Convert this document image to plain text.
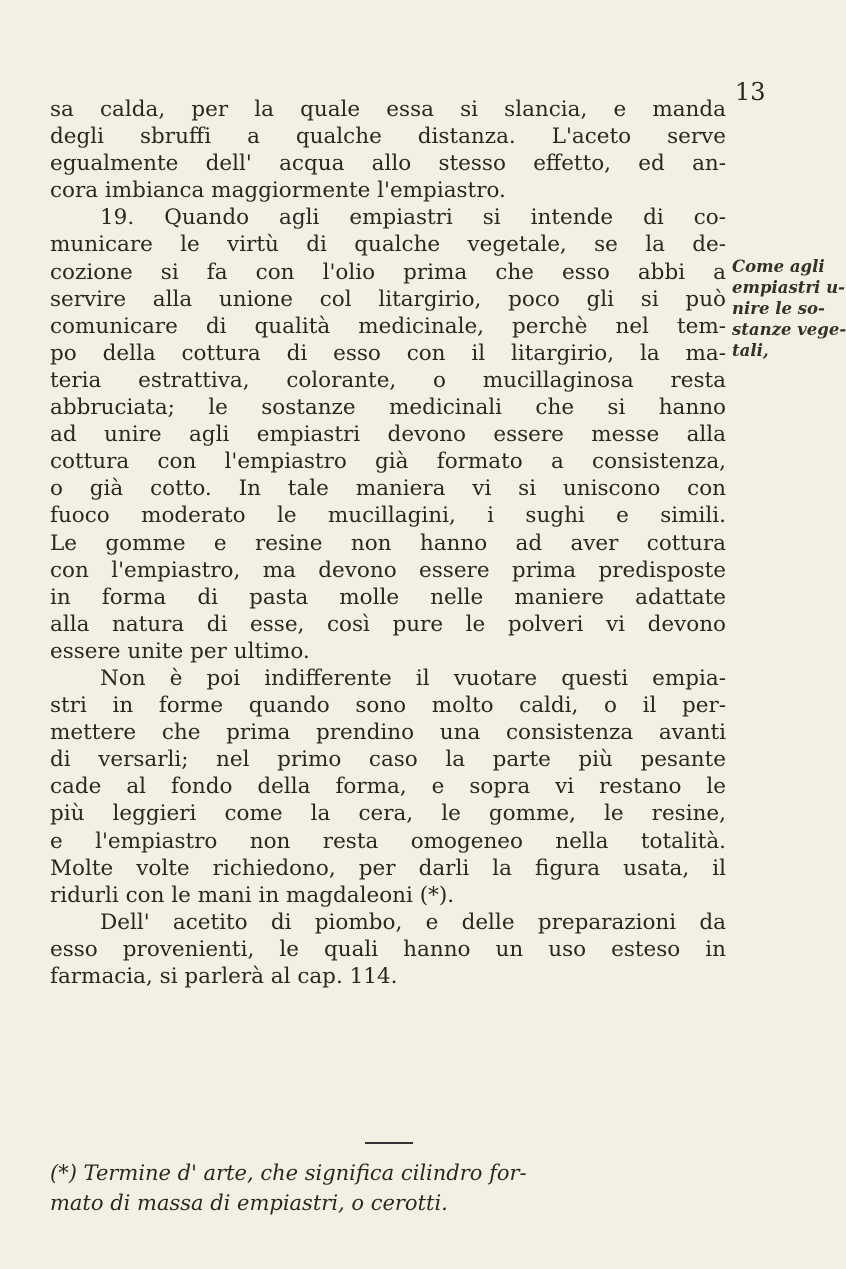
13
sa calda, per la quale essa si slancia, e manda
degli sbruffi a qualche distanza. L'aceto serve
egualmente dell' acqua allo stesso effetto, ed an-
cora imbianca maggiormente l'empiastro.
19. Quando agli empiastri si intende di co-
municare le virtù di qualche vegetale, se la de-
cozione si fa con l'olio prima che esso abbi a
servire alla unione col litargirio, poco gli si può
comunicare di qualità medicinale, perchè nel tem-
po della cottura di esso con il litargirio, la ma-
teria estrattiva, colorante, o mucillaginosa resta
abbruciata; le sostanze medicinali che si hanno
ad unire agli empiastri devono essere messe alla
cottura con l'empiastro già formato a consistenza,
o già cotto. In tale maniera vi si uniscono con
fuoco moderato le mucillagini, i sughi e simili.
Le gomme e resine non hanno ad aver cottura
con l'empiastro, ma devono essere prima predisposte
in forma di pasta molle nelle maniere adattate
alla natura di esse, così pure le polveri vi devono
essere unite per ultimo.
Non è poi indifferente il vuotare questi empia-
stri in forme quando sono molto caldi, o il per-
mettere che prima prendino una consistenza avanti
di versarli; nel primo caso la parte più pesante
cade al fondo della forma, e sopra vi restano le
più leggieri come la cera, le gomme, le resine,
e l'empiastro non resta omogeneo nella totalità.
Molte volte richiedono, per darli la figura usata, il
ridurli con le mani in magdaleoni (*).
Dell' acetito di piombo, e delle preparazioni da
esso provenienti, le quali hanno un uso esteso in
farmacia, si parlerà al cap. 114.
Come agli
empiastri u-
nire le so-
stanze vege-
tali,
(*) Termine d' arte, che significa cilindro for-
mato di massa di empiastri, o cerotti.
